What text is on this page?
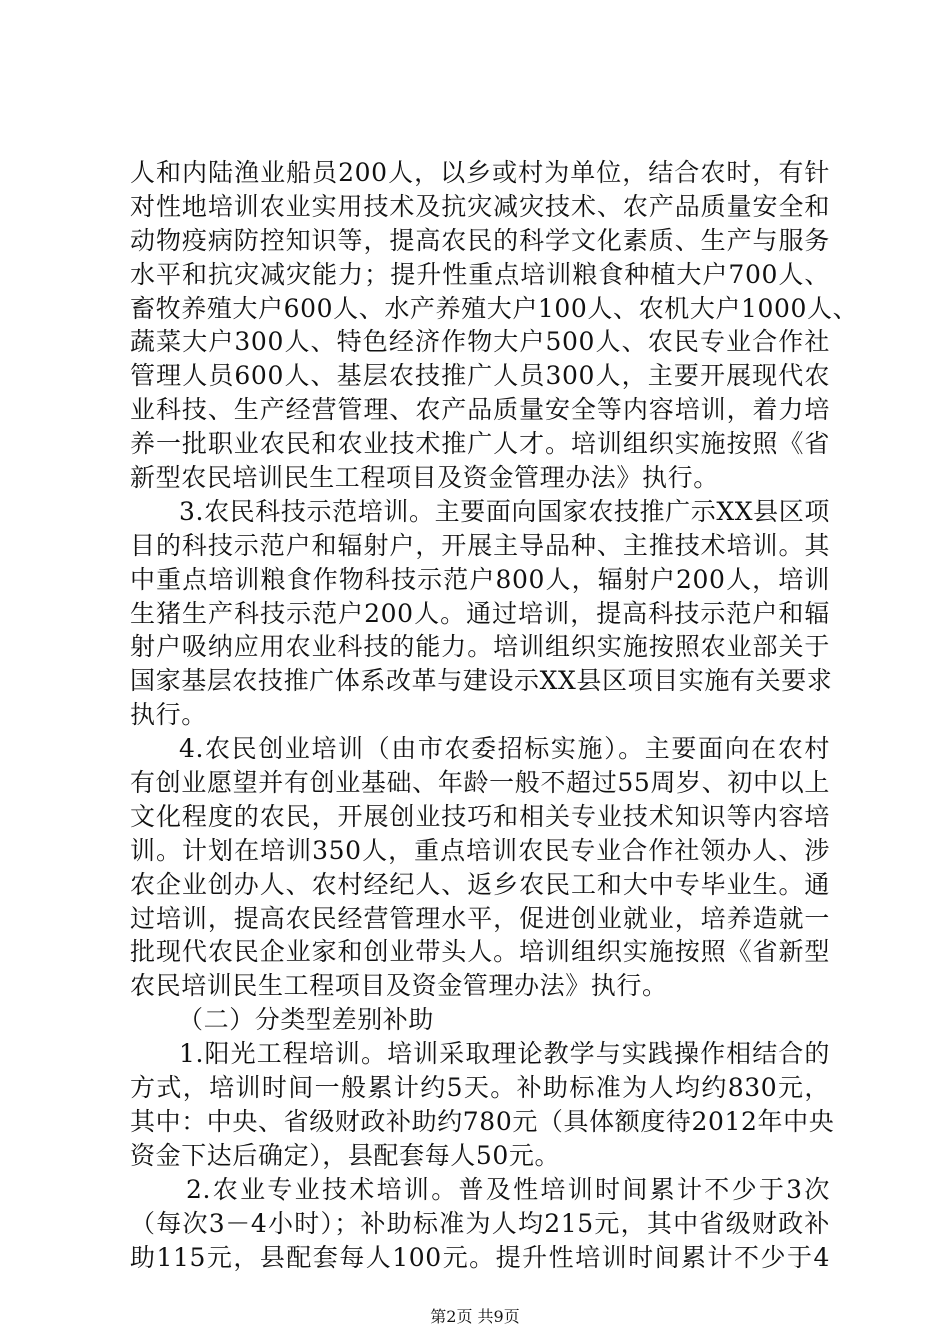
人和内陆渔业船员200人，以乡或村为单位，结合农时，有针
对性地培训农业实用技术及抗灾减灾技术、农产品质量安全和
动物疫病防控知识等，提高农民的科学文化素质、生产与服务
水平和抗灾减灾能力；提升性重点培训粮食种植大户700人、
畜牧养殖大户600人、水产养殖大户100人、农机大户1000人、
蔬菜大户300人、特色经济作物大户500人、农民专业合作社
管理人员600人、基层农技推广人员300人，主要开展现代农
业科技、生产经营管理、农产品质量安全等内容培训，着力培
养一批职业农民和农业技术推广人才。培训组织实施按照《省
新型农民培训民生工程项目及资金管理办法》执行。
3.农民科技示范培训。主要面向国家农技推广示XX县区项
目的科技示范户和辐射户，开展主导品种、主推技术培训。其
中重点培训粮食作物科技示范户800人，辐射户200人，培训
生猪生产科技示范户200人。通过培训，提高科技示范户和辐
射户吸纳应用农业科技的能力。培训组织实施按照农业部关于
国家基层农技推广体系改革与建设示XX县区项目实施有关要求
执行。
4.农民创业培训（由市农委招标实施）。主要面向在农村
有创业愿望并有创业基础、年龄一般不超过55周岁、初中以上
文化程度的农民，开展创业技巧和相关专业技术知识等内容培
训。计划在培训350人，重点培训农民专业合作社领办人、涉
农企业创办人、农村经纪人、返乡农民工和大中专毕业生。通
过培训，提高农民经营管理水平，促进创业就业，培养造就一
批现代农民企业家和创业带头人。培训组织实施按照《省新型
农民培训民生工程项目及资金管理办法》执行。
（二）分类型差别补助
1.阳光工程培训。培训采取理论教学与实践操作相结合的
方式，培训时间一般累计约5天。补助标准为人均约830元，
其中：中央、省级财政补助约780元（具体额度待2012年中央
资金下达后确定），县配套每人50元。
2.农业专业技术培训。普及性培训时间累计不少于3次
（每次3－4小时）；补助标准为人均215元，其中省级财政补
助115元，县配套每人100元。提升性培训时间累计不少于4
第2页 共9页
